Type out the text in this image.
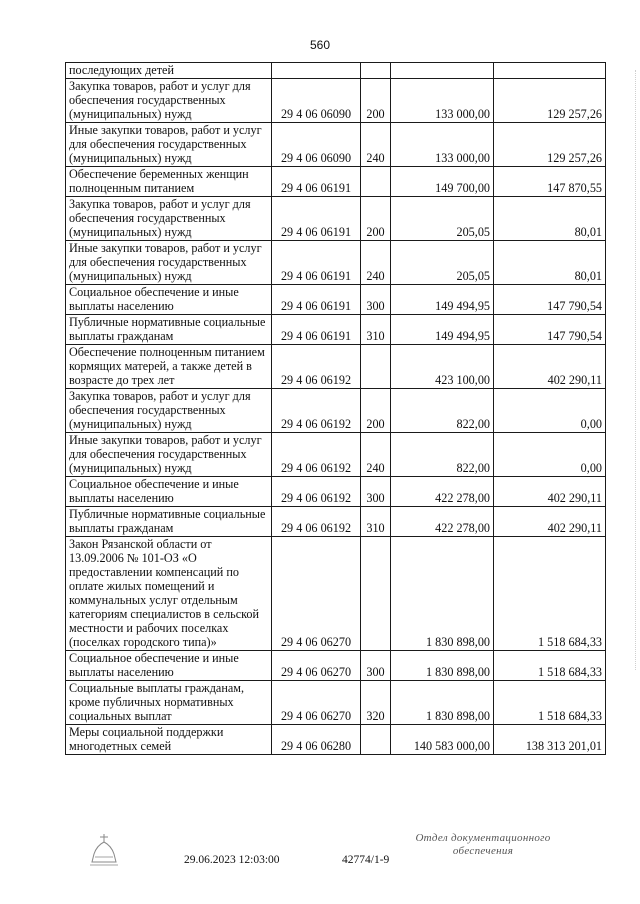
560
последующих детей				
Закупка товаров, работ и услуг для обеспечения государственных (муниципальных) нужд	29 4 06 06090	200	133 000,00	129 257,26
Иные закупки товаров, работ и услуг для обеспечения государственных (муниципальных) нужд	29 4 06 06090	240	133 000,00	129 257,26
Обеспечение беременных женщин полноценным питанием	29 4 06 06191		149 700,00	147 870,55
Закупка товаров, работ и услуг для обеспечения государственных (муниципальных) нужд	29 4 06 06191	200	205,05	80,01
Иные закупки товаров, работ и услуг для обеспечения государственных (муниципальных) нужд	29 4 06 06191	240	205,05	80,01
Социальное обеспечение и иные выплаты населению	29 4 06 06191	300	149 494,95	147 790,54
Публичные нормативные социальные выплаты гражданам	29 4 06 06191	310	149 494,95	147 790,54
Обеспечение полноценным питанием кормящих матерей, а также детей в возрасте до трех лет	29 4 06 06192		423 100,00	402 290,11
Закупка товаров, работ и услуг для обеспечения государственных (муниципальных) нужд	29 4 06 06192	200	822,00	0,00
Иные закупки товаров, работ и услуг для обеспечения государственных (муниципальных) нужд	29 4 06 06192	240	822,00	0,00
Социальное обеспечение и иные выплаты населению	29 4 06 06192	300	422 278,00	402 290,11
Публичные нормативные социальные выплаты гражданам	29 4 06 06192	310	422 278,00	402 290,11
Закон Рязанской области от 13.09.2006 № 101-ОЗ «О предоставлении компенсаций по оплате жилых помещений и коммунальных услуг отдельным категориям специалистов в сельской местности и рабочих поселках (поселках городского типа)»	29 4 06 06270		1 830 898,00	1 518 684,33
Социальное обеспечение и иные выплаты населению	29 4 06 06270	300	1 830 898,00	1 518 684,33
Социальные выплаты гражданам, кроме публичных нормативных социальных выплат	29 4 06 06270	320	1 830 898,00	1 518 684,33
Меры социальной поддержки многодетных семей	29 4 06 06280		140 583 000,00	138 313 201,01
29.06.2023 12:03:00	42774/1-9
Отдел документационного обеспечения
